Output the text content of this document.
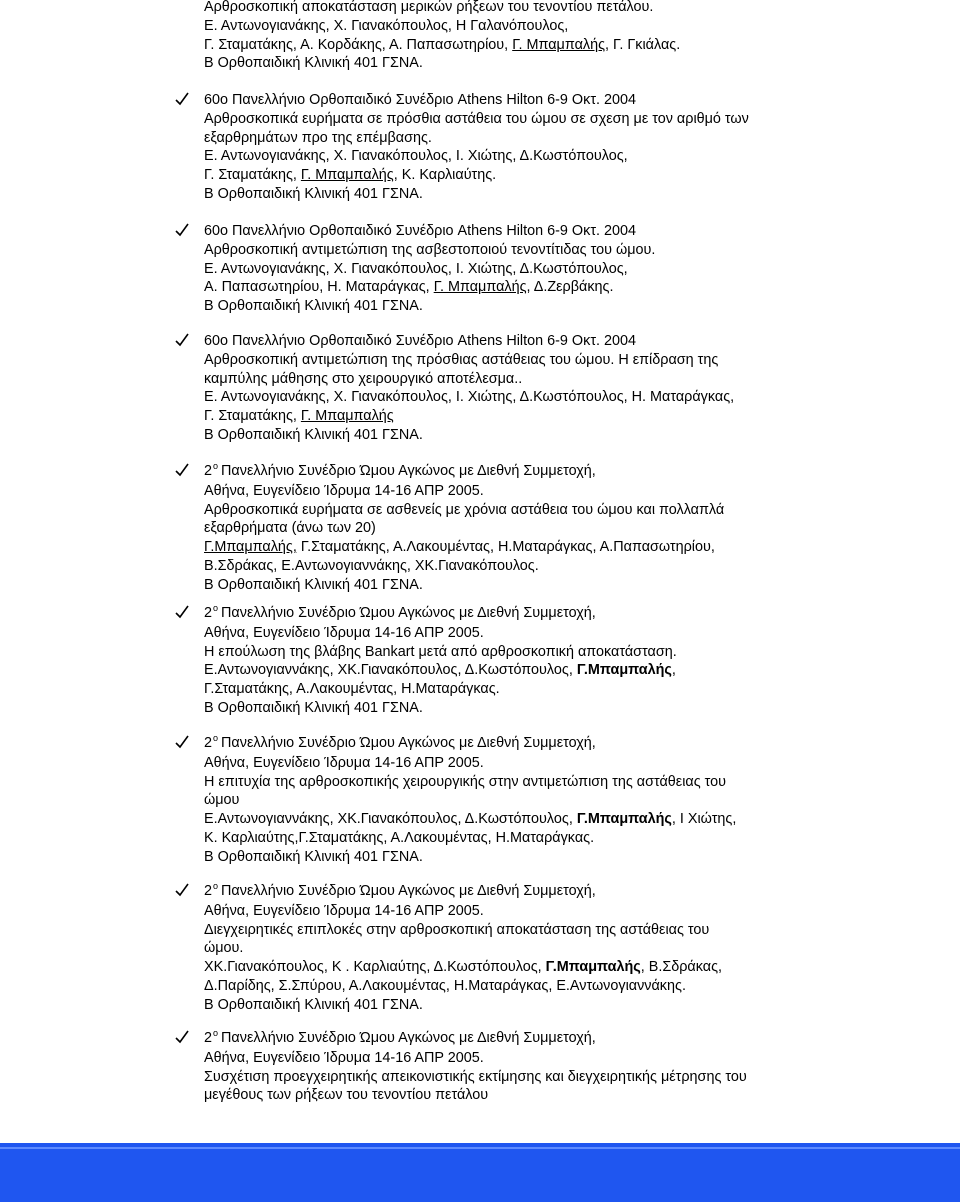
Αρθροσκοπική αποκατάσταση μερικών ρήξεων του τενοντίου πετάλου.
Ε. Αντωνογιανάκης, Χ. Γιανακόπουλος, Η Γαλανόπουλος,
Γ. Σταματάκης, Α. Κορδάκης, Α. Παπασωτηρίου, Γ. Μπαμπαλής, Γ. Γκιάλας.
Β Ορθοπαιδική Κλινική 401 ΓΣΝΑ.
60ο Πανελλήνιο Ορθοπαιδικό Συνέδριο Athens Hilton 6-9 Οκτ. 2004
Αρθροσκοπικά ευρήματα σε πρόσθια αστάθεια του ώμου σε σχεση με τον αριθμό των
εξαρθρημάτων προ της επέμβασης.
Ε. Αντωνογιανάκης, Χ. Γιανακόπουλος, Ι. Χιώτης, Δ.Κωστόπουλος,
Γ. Σταματάκης, Γ. Μπαμπαλής, Κ. Καρλιαύτης.
Β Ορθοπαιδική Κλινική 401 ΓΣΝΑ.
60ο Πανελλήνιο Ορθοπαιδικό Συνέδριο Athens Hilton 6-9 Οκτ. 2004
Αρθροσκοπική αντιμετώπιση της ασβεστοποιού τενοντίτιδας του ώμου.
Ε. Αντωνογιανάκης, Χ. Γιανακόπουλος, Ι. Χιώτης, Δ.Κωστόπουλος,
Α. Παπασωτηρίου, Η. Ματαράγκας, Γ. Μπαμπαλής, Δ.Ζερβάκης.
Β Ορθοπαιδική Κλινική 401 ΓΣΝΑ.
60ο Πανελλήνιο Ορθοπαιδικό Συνέδριο Athens Hilton 6-9 Οκτ. 2004
Αρθροσκοπική αντιμετώπιση της πρόσθιας αστάθειας του ώμου. Η επίδραση της
καμπύλης μάθησης στο χειρουργικό αποτέλεσμα..
Ε. Αντωνογιανάκης, Χ. Γιανακόπουλος, Ι. Χιώτης, Δ.Κωστόπουλος, Η. Ματαράγκας,
Γ. Σταματάκης, Γ. Μπαμπαλής
Β Ορθοπαιδική Κλινική 401 ΓΣΝΑ.
$2^o$ Πανελλήνιο Συνέδριο Ώμου Αγκώνος με Διεθνή Συμμετοχή,
Αθήνα, Ευγενίδειο Ίδρυμα 14-16 ΑΠΡ 2005.
Αρθροσκοπικά ευρήματα σε ασθενείς με χρόνια αστάθεια του ώμου και πολλαπλά
εξαρθρήματα (άνω των 20)
Γ.Μπαμπαλής, Γ.Σταματάκης, Α.Λακουμέντας, Η.Ματαράγκας, Α.Παπασωτηρίου,
Β.Σδράκας, Ε.Αντωνογιαννάκης, ΧΚ.Γιανακόπουλος.
Β Ορθοπαιδική Κλινική 401 ΓΣΝΑ.
$2^o$ Πανελλήνιο Συνέδριο Ώμου Αγκώνος με Διεθνή Συμμετοχή,
Αθήνα, Ευγενίδειο Ίδρυμα 14-16 ΑΠΡ 2005.
Η επούλωση της βλάβης Bankart μετά από αρθροσκοπική αποκατάσταση.
Ε.Αντωνογιαννάκης, ΧΚ.Γιανακόπουλος, Δ.Κωστόπουλος, Γ.Μπαμπαλής,
Γ.Σταματάκης, Α.Λακουμέντας, Η.Ματαράγκας.
Β Ορθοπαιδική Κλινική 401 ΓΣΝΑ.
$2^o$ Πανελλήνιο Συνέδριο Ώμου Αγκώνος με Διεθνή Συμμετοχή,
Αθήνα, Ευγενίδειο Ίδρυμα 14-16 ΑΠΡ 2005.
Η επιτυχία της αρθροσκοπικής χειρουργικής στην αντιμετώπιση της αστάθειας του
ώμου
Ε.Αντωνογιαννάκης, ΧΚ.Γιανακόπουλος, Δ.Κωστόπουλος, Γ.Μπαμπαλής, Ι Χιώτης,
Κ. Καρλιαύτης,Γ.Σταματάκης, Α.Λακουμέντας, Η.Ματαράγκας.
Β Ορθοπαιδική Κλινική 401 ΓΣΝΑ.
$2^o$ Πανελλήνιο Συνέδριο Ώμου Αγκώνος με Διεθνή Συμμετοχή,
Αθήνα, Ευγενίδειο Ίδρυμα 14-16 ΑΠΡ 2005.
Διεγχειρητικές επιπλοκές στην αρθροσκοπική αποκατάσταση της αστάθειας του
ώμου.
ΧΚ.Γιανακόπουλος, Κ . Καρλιαύτης, Δ.Κωστόπουλος, Γ.Μπαμπαλής, Β.Σδράκας,
Δ.Παρίδης, Σ.Σπύρου, Α.Λακουμέντας, Η.Ματαράγκας, Ε.Αντωνογιαννάκης.
Β Ορθοπαιδική Κλινική 401 ΓΣΝΑ.
$2^o$ Πανελλήνιο Συνέδριο Ώμου Αγκώνος με Διεθνή Συμμετοχή,
Αθήνα, Ευγενίδειο Ίδρυμα 14-16 ΑΠΡ 2005.
Συσχέτιση προεγχειρητικής απεικονιστικής εκτίμησης και διεγχειρητικής μέτρησης του
μεγέθους των ρήξεων του τενοντίου πετάλου
